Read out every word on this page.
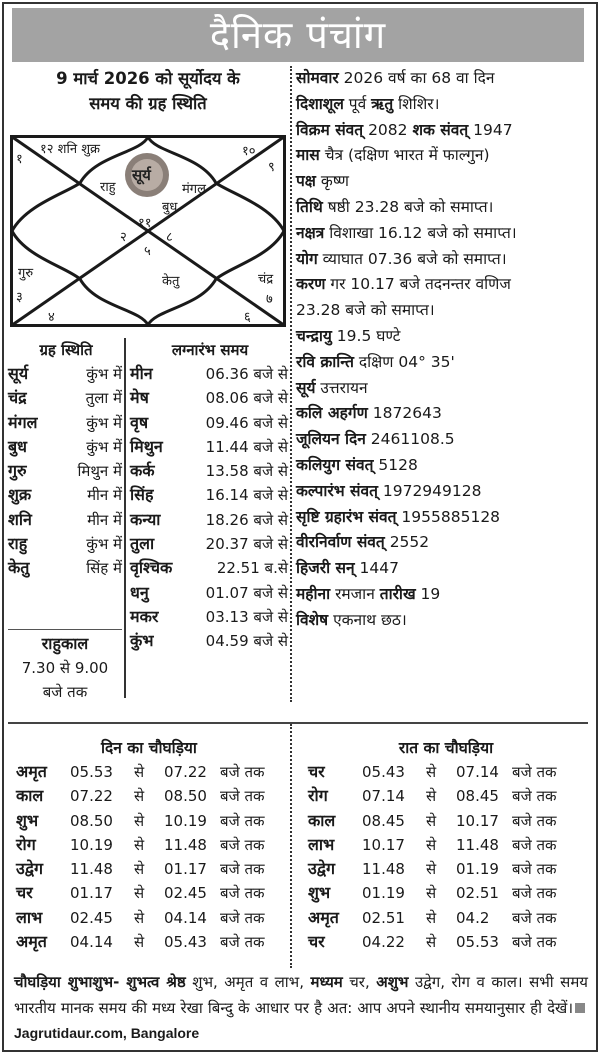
दैनिक पंचांग
9 मार्च 2026 को सूर्योदय के
समय की ग्रह स्थिति
सूर्य
१
१२ शनि शुक्र	१०
९
राहु	मंगल
बुध
११
२	८
५
गुरु
३
केतु	चंद्र
७
४	६
सोमवार 2026 वर्ष का 68 वा दिन
दिशाशूल पूर्व ऋतु शिशिर।
विक्रम संवत् 2082 शक संवत् 1947
मास चैत्र (दक्षिण भारत में फाल्गुन)
पक्ष कृष्ण
तिथि षष्ठी 23.28 बजे को समाप्त।
नक्षत्र विशाखा 16.12 बजे को समाप्त।
योग व्याघात 07.36 बजे को समाप्त।
करण गर 10.17 बजे तदनन्तर वणिज
23.28 बजे को समाप्त।
चन्द्रायु 19.5 घण्टे
रवि क्रान्ति दक्षिण 04° 35'
सूर्य उत्तरायन
कलि अहर्गण 1872643
जूलियन दिन 2461108.5
कलियुग संवत् 5128
कल्पारंभ संवत् 1972949128
सृष्टि ग्रहारंभ संवत् 1955885128
वीरनिर्वाण संवत् 2552
हिजरी सन् 1447
महीना रमजान तारीख 19
विशेष एकनाथ छठ।
ग्रह स्थिति	लग्नारंभ समय
सूर्य	कुंभ में
चंद्र	तुला में
मंगल	कुंभ में
बुध	कुंभ में
गुरु	मिथुन में
शुक्र	मीन में
शनि	मीन में
राहु	कुंभ में
केतु	सिंह में
राहुकाल
7.30 से 9.00
बजे तक
मीन	06.36 बजे से
मेष	08.06 बजे से
वृष	09.46 बजे से
मिथुन	11.44 बजे से
कर्क	13.58 बजे से
सिंह	16.14 बजे से
कन्या	18.26 बजे से
तुला	20.37 बजे से
वृश्चिक	22.51 ब.से
धनु	01.07 बजे से
मकर	03.13 बजे से
कुंभ	04.59 बजे से
दिन का चौघड़िया	रात का चौघड़िया
अमृत	05.53	से	07.22 बजे तक
काल	07.22	से	08.50 बजे तक
शुभ	08.50	से	10.19 बजे तक
रोग	10.19	से	11.48 बजे तक
उद्वेग	11.48	से	01.17 बजे तक
चर	01.17	से	02.45 बजे तक
लाभ	02.45	से	04.14 बजे तक
अमृत	04.14	से	05.43 बजे तक
चर	05.43	से	07.14 बजे तक
रोग	07.14	से	08.45 बजे तक
काल	08.45	से	10.17 बजे तक
लाभ	10.17	से	11.48 बजे तक
उद्वेग	11.48	से	01.19 बजे तक
शुभ	01.19	से	02.51 बजे तक
अमृत	02.51	से	04.2	बजे तक
चर	04.22	से	05.53 बजे तक
चौघड़िया शुभाशुभ- शुभत्व श्रेष्ठ शुभ, अमृत व लाभ, मध्यम चर, अशुभ उद्वेग, रोग व काल। सभी समय भारतीय मानक समय की मध्य रेखा बिन्दु के आधार पर है अत: आप अपने स्थानीय समयानुसार ही देखें।Jagrutidaur.com, Bangalore
